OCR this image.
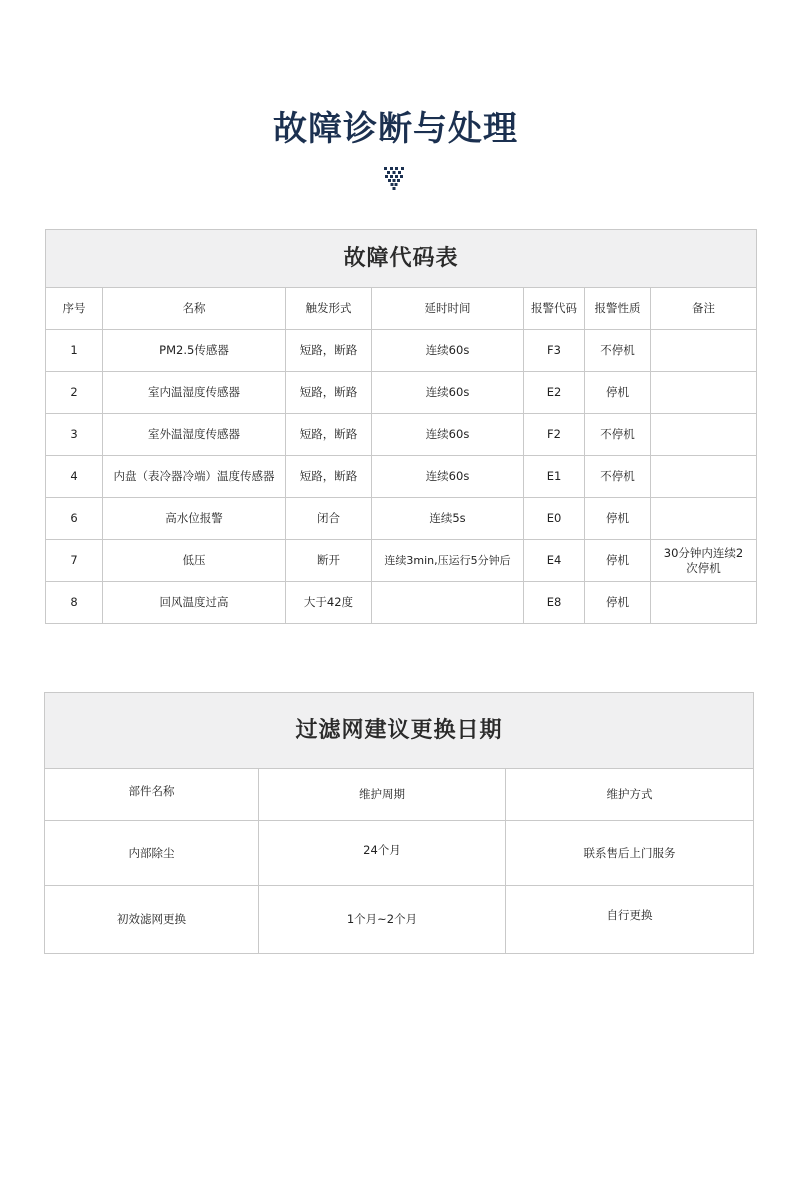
故障诊断与处理
故障代码表						
序号	名称	触发形式	延时时间	报警代码	报警性质	备注
1	PM2.5传感器	短路，断路	连续60s	F3	不停机	
2	室内温湿度传感器	短路，断路	连续60s	E2	停机	
3	室外温湿度传感器	短路，断路	连续60s	F2	不停机	
4	内盘（表冷器冷端）温度传感器	短路，断路	连续60s	E1	不停机	
6	高水位报警	闭合	连续5s	E0	停机	
7	低压	断开	连续3min,压运行5分钟后	E4	停机	30分钟内连续2次停机
8	回风温度过高	大于42度		E8	停机	
过滤网建议更换日期		
部件名称	维护周期	维护方式
内部除尘	24个月	联系售后上门服务
初效滤网更换	1个月~2个月	自行更换
